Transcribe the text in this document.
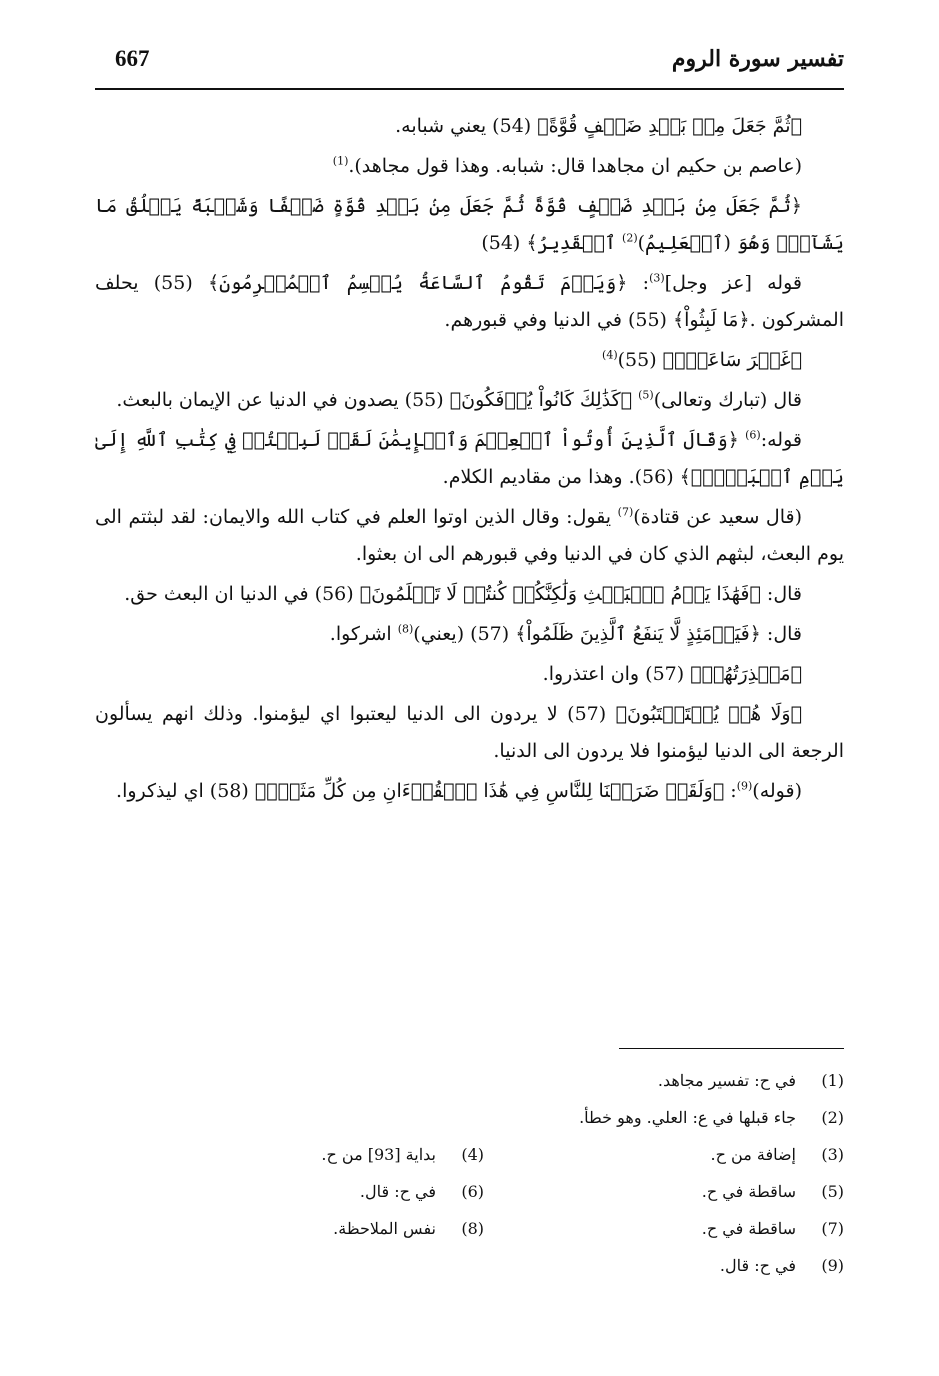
667	تفسير سورة الروم

﴿ثُمَّ جَعَلَ مِنۢ بَعۡدِ ضَعۡفٍ قُوَّةً﴾ (54) يعني شبابه.

(عاصم بن حكيم ان مجاهدا قال: شبابه. وهذا قول مجاهد).$^{(1)}$

﴿ثُمَّ جَعَلَ مِنۢ بَعۡدِ ضَعۡفٍ قُوَّةً ثُمَّ جَعَلَ مِنۢ بَعۡدِ قُوَّةٍ ضَعۡفًا وَشَيۡبَةً يَخۡلُقُ مَا يَشَآءُۚ وَهُوَ (ٱلۡعَلِيمُ)$^{(2)}$ ٱلۡقَدِيرُ﴾ (54)

قوله [عز وجل]$^{(3)}$: ﴿وَيَوۡمَ تَقُومُ ٱلسَّاعَةُ يُقۡسِمُ ٱلۡمُجۡرِمُونَ﴾ (55) يحلف المشركون .﴿مَا لَبِثُواْ﴾ (55) في الدنيا وفي قبورهم.

﴿غَيۡرَ سَاعَةٍۚ﴾ $(55)^{(4)}$

قال (تبارك وتعالى)$^{(5)}$ ﴿كَذَٰلِكَ كَانُواْ يُؤۡفَكُونَ﴾ (55) يصدون في الدنيا عن الإيمان بالبعث.

قوله:$^{(6)}$ ﴿وَقَالَ ٱلَّذِينَ أُوتُواْ ٱلۡعِلۡمَ وَٱلۡإِيمَٰنَ لَقَدۡ لَبِثۡتُمۡ فِي كِتَٰبِ ٱللَّهِ إِلَىٰ يَوۡمِ ٱلۡبَعۡثِۖ﴾ (56). وهذا من مقاديم الكلام.

(قال سعيد عن قتادة)$^{(7)}$ يقول: وقال الذين اوتوا العلم في كتاب الله والايمان: لقد لبثتم الى يوم البعث، لبثهم الذي كان في الدنيا وفي قبورهم الى ان بعثوا.

قال: ﴿فَهَٰذَا يَوۡمُ ٱلۡبَعۡثِ وَلَٰكِنَّكُمۡ كُنتُمۡ لَا تَعۡلَمُونَ﴾ (56) في الدنيا ان البعث حق.

قال: ﴿فَيَوۡمَئِذٍ لَّا يَنفَعُ ٱلَّذِينَ ظَلَمُواْ﴾ (57) (يعني)$^{(8)}$ اشركوا.

﴿مَعۡذِرَتُهُمۡ﴾ (57) وان اعتذروا.

﴿وَلَا هُمۡ يُسۡتَعۡتَبُونَ﴾ (57) لا يردون الى الدنيا ليعتبوا اي ليؤمنوا. وذلك انهم يسألون الرجعة الى الدنيا ليؤمنوا فلا يردون الى الدنيا.

(قوله)$^{(9)}$: ﴿وَلَقَدۡ ضَرَبۡنَا لِلنَّاسِ فِي هَٰذَا ٱلۡقُرۡءَانِ مِن كُلِّ مَثَلٍۚ﴾ (58) اي ليذكروا.

(1)
في ح: تفسير مجاهد.
(2)
جاء قبلها في ع: العلي. وهو خطأ.
(3)
إضافة من ح.
(4)
بداية [93] من ح.
(5)
ساقطة في ح.
(6)
في ح: قال.
(7)
ساقطة في ح.
(8)
نفس الملاحظة.
(9)
في ح: قال.
